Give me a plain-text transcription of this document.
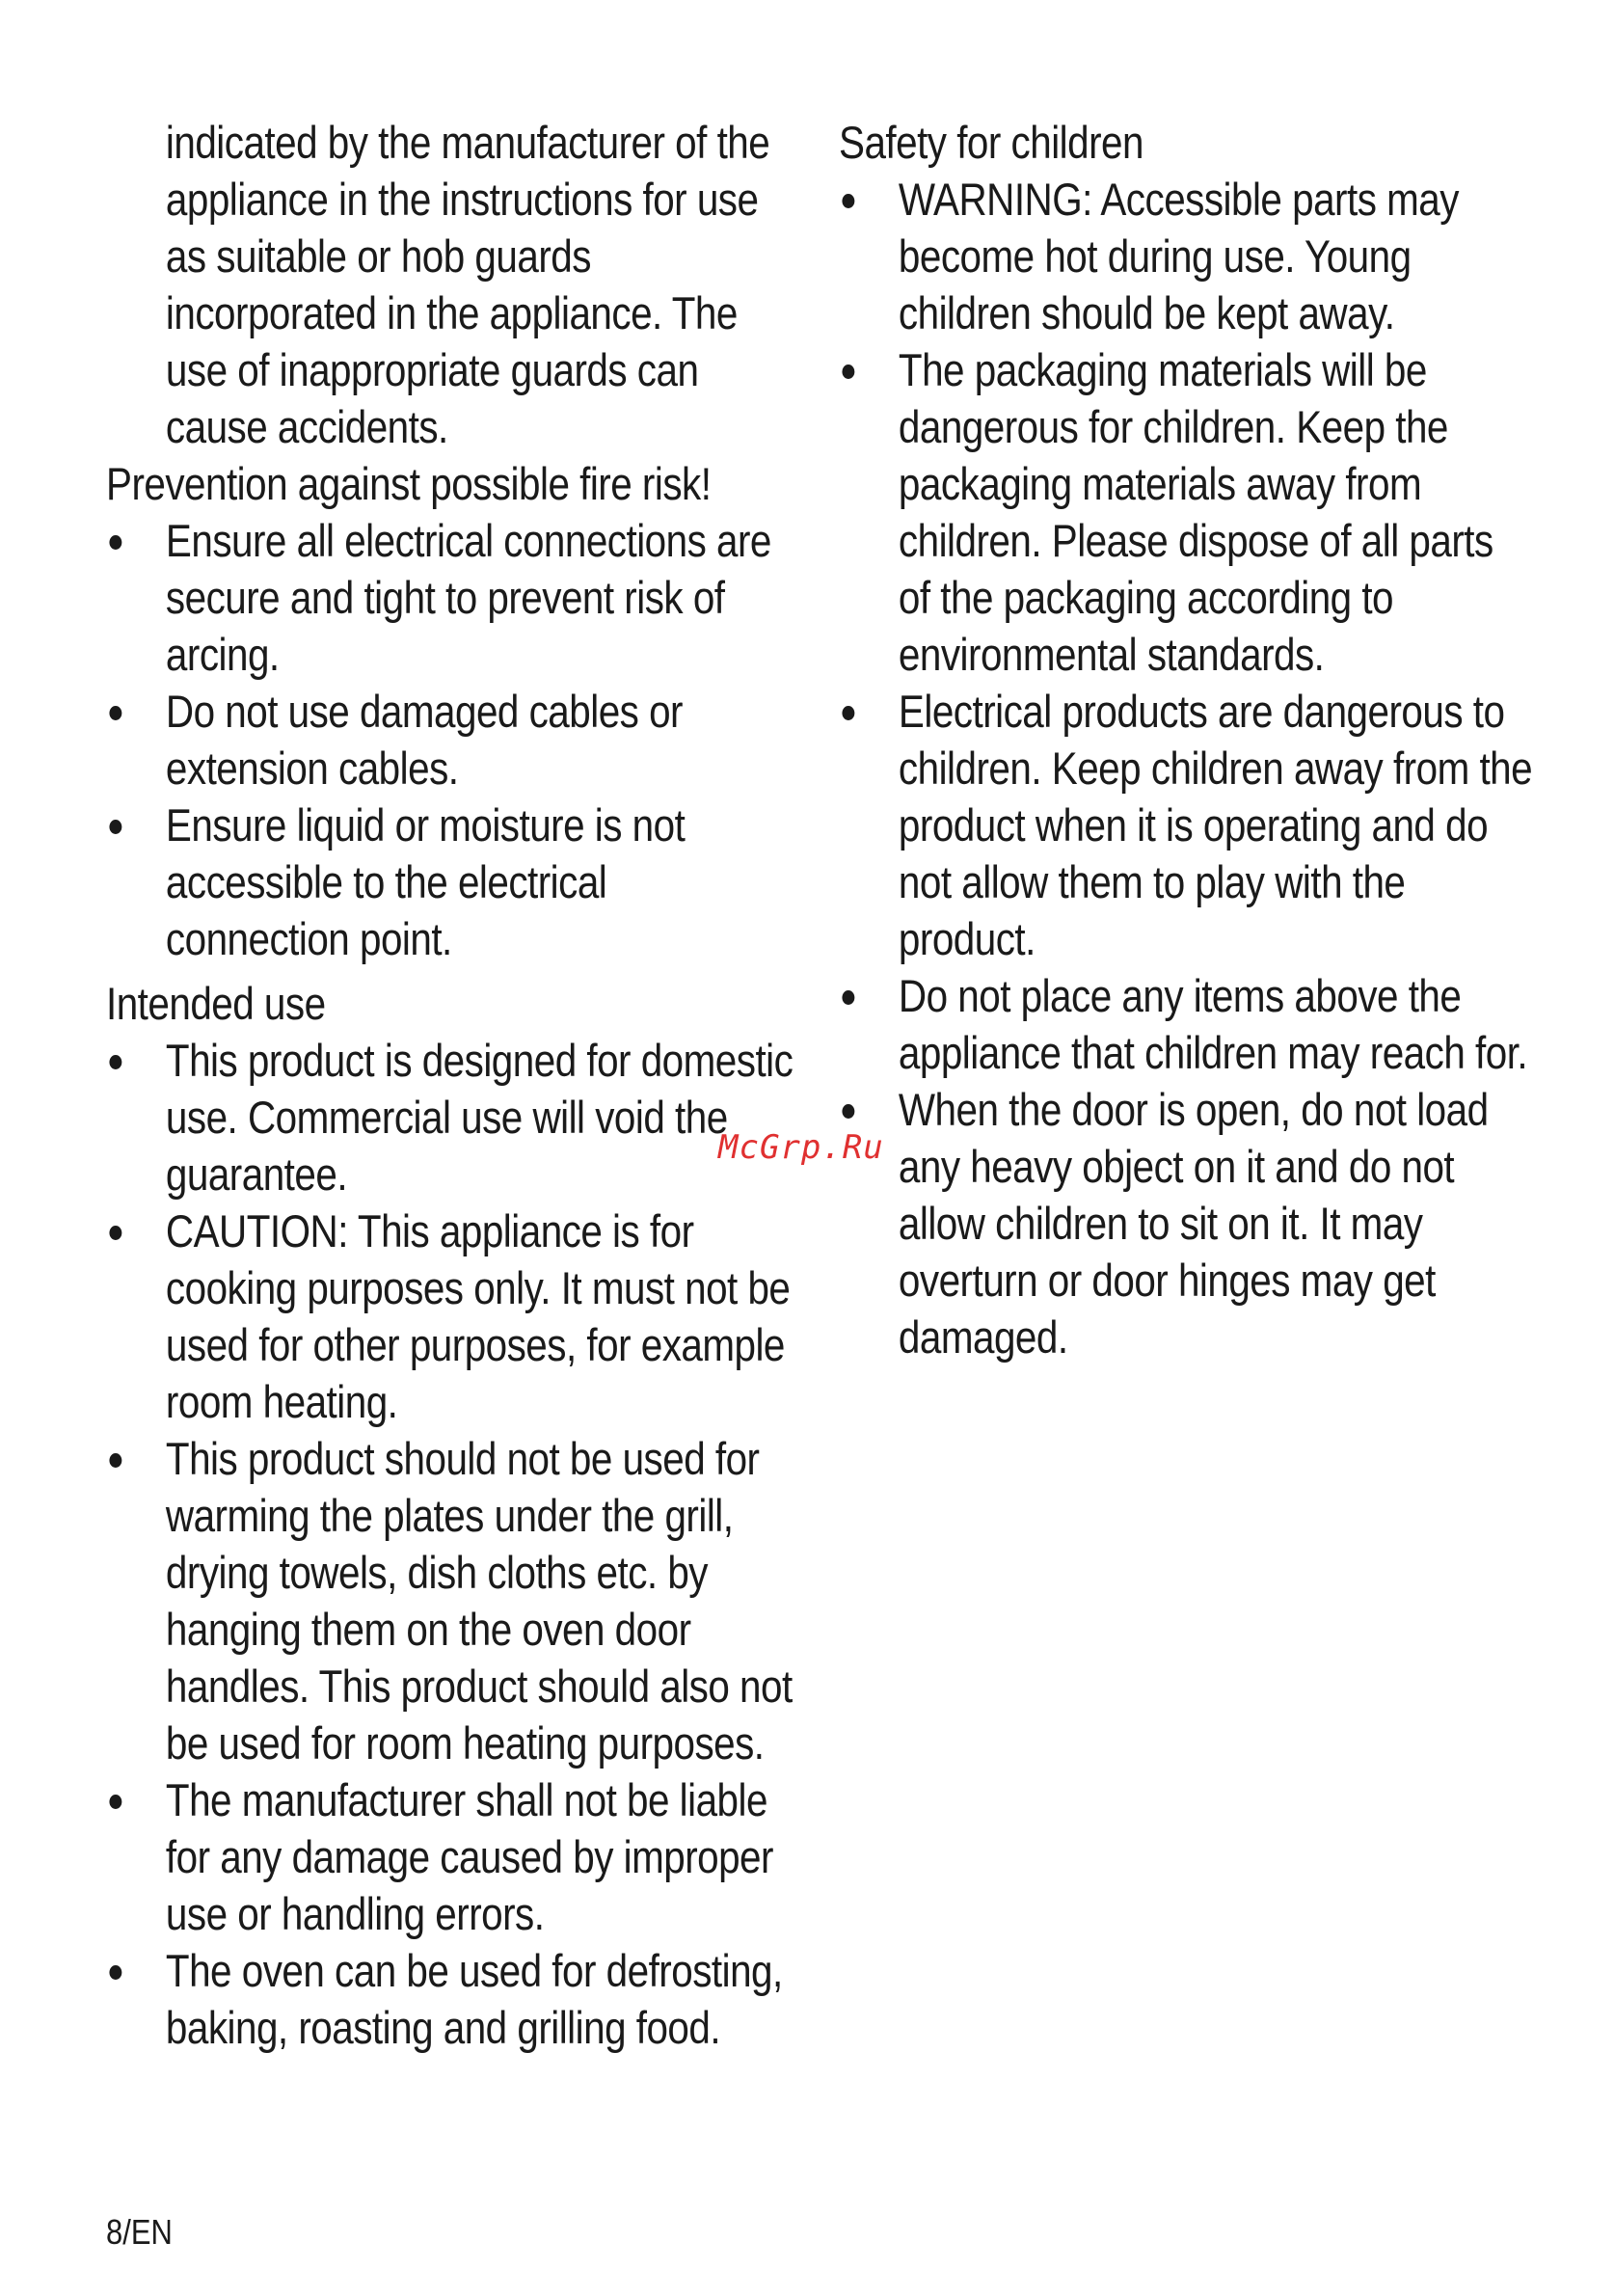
indicated by the manufacturer of the appliance in the instructions for use as suitable or hob guards incorporated in the appliance. The use of inappropriate guards can cause accidents.

Prevention against possible fire risk!

Ensure all electrical connections are secure and tight to prevent risk of arcing.
Do not use damaged cables or extension cables.
Ensure liquid or moisture is not accessible to the electrical connection point.

Intended use

This product is designed for domestic use. Commercial use will void the guarantee.
CAUTION: This appliance is for cooking purposes only. It must not be used for other purposes, for example room heating.
This product should not be used for warming the plates under the grill, drying towels, dish cloths etc. by hanging them on the oven door handles. This product should also not be used for room heating purposes.
The manufacturer shall not be liable for any damage caused by improper use or handling errors.
The oven can be used for defrosting, baking, roasting and grilling food.

Safety for children

WARNING: Accessible parts may become hot during use. Young children should be kept away.
The packaging materials will be dangerous for children. Keep the packaging materials away from children. Please dispose of all parts of the packaging according to environmental standards.
Electrical products are dangerous to children. Keep children away from the product when it is operating and do not allow them to play with the product.
Do not place any items above the appliance that children may reach for.
When the door is open, do not load any heavy object on it and do not allow children to sit on it. It may overturn or door hinges may get damaged.
McGrp.Ru
8/EN
